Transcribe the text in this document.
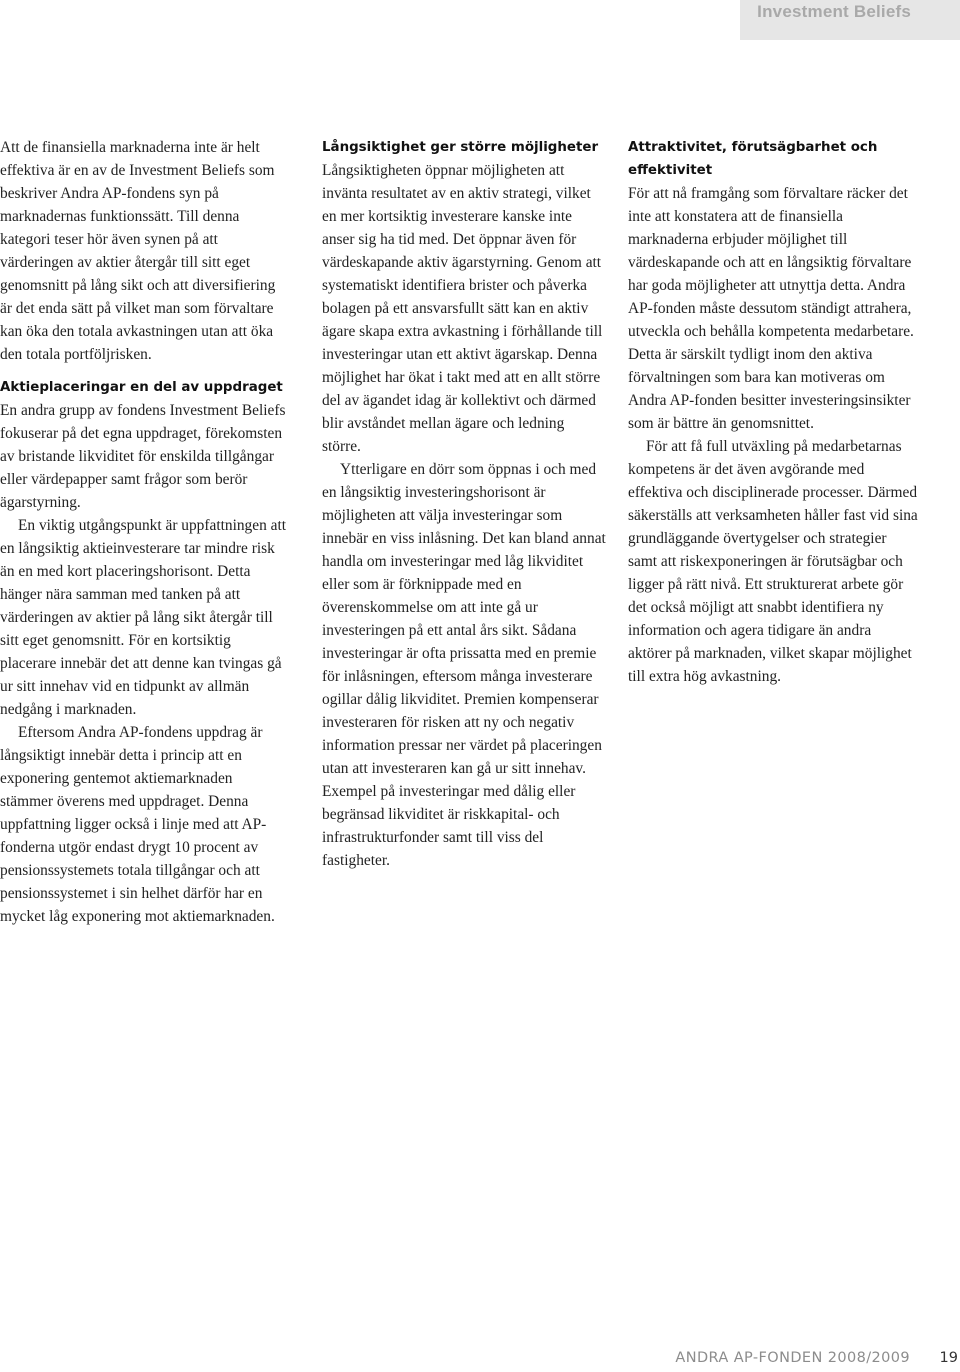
Investment Beliefs

Att de finansiella marknaderna inte är helt effektiva är en av de Investment Beliefs som beskriver Andra AP-fondens syn på marknadernas funktionssätt. Till denna kategori teser hör även synen på att värderingen av aktier återgår till sitt eget genomsnitt på lång sikt och att diversifiering är det enda sätt på vilket man som förvaltare kan öka den totala avkastningen utan att öka den totala portföljrisken.

Aktieplaceringar en del av uppdraget

En andra grupp av fondens Investment Beliefs fokuserar på det egna uppdraget, förekomsten av bristande likviditet för enskilda tillgångar eller värdepapper samt frågor som berör ägarstyrning.

En viktig utgångspunkt är uppfattningen att en långsiktig aktieinvesterare tar mindre risk än en med kort placeringshorisont. Detta hänger nära samman med tanken på att värderingen av aktier på lång sikt återgår till sitt eget genomsnitt. För en kortsiktig placerare innebär det att denne kan tvingas gå ur sitt innehav vid en tidpunkt av allmän nedgång i marknaden.

Eftersom Andra AP-fondens uppdrag är långsiktigt innebär detta i princip att en exponering gentemot aktiemarknaden stämmer överens med uppdraget. Denna uppfattning ligger också i linje med att AP-fonderna utgör endast drygt 10 procent av pensionssystemets totala tillgångar och att pensionssystemet i sin helhet därför har en mycket låg exponering mot aktiemarknaden.

Långsiktighet ger större möjligheter

Långsiktigheten öppnar möjligheten att invänta resultatet av en aktiv strategi, vilket en mer kortsiktig investerare kanske inte anser sig ha tid med. Det öppnar även för värdeskapande aktiv ägarstyrning. Genom att systematiskt identifiera brister och påverka bolagen på ett ansvarsfullt sätt kan en aktiv ägare skapa extra avkastning i förhållande till investeringar utan ett aktivt ägarskap. Denna möjlighet har ökat i takt med att en allt större del av ägandet idag är kollektivt och därmed blir avståndet mellan ägare och ledning större.

Ytterligare en dörr som öppnas i och med en långsiktig investeringshorisont är möjligheten att välja investeringar som innebär en viss inlåsning. Det kan bland annat handla om investeringar med låg likviditet eller som är förknippade med en överenskommelse om att inte gå ur investeringen på ett antal års sikt. Sådana investeringar är ofta prissatta med en premie för inlåsningen, eftersom många investerare ogillar dålig likviditet. Premien kompenserar investeraren för risken att ny och negativ information pressar ner värdet på placeringen utan att investeraren kan gå ur sitt innehav. Exempel på investeringar med dålig eller begränsad likviditet är riskkapital- och infrastrukturfonder samt till viss del fastigheter.

Attraktivitet, förutsägbarhet och effektivitet

För att nå framgång som förvaltare räcker det inte att konstatera att de finansiella marknaderna erbjuder möjlighet till värdeskapande och att en långsiktig förvaltare har goda möjligheter att utnyttja detta. Andra AP-fonden måste dessutom ständigt attrahera, utveckla och behålla kompetenta medarbetare. Detta är särskilt tydligt inom den aktiva förvaltningen som bara kan motiveras om Andra AP-fonden besitter investeringsinsikter som är bättre än genomsnittet.

För att få full utväxling på medarbetarnas kompetens är det även avgörande med effektiva och disciplinerade processer. Därmed säkerställs att verksamheten håller fast vid sina grundläggande övertygelser och strategier samt att riskexponeringen är förutsägbar och ligger på rätt nivå. Ett strukturerat arbete gör det också möjligt att snabbt identifiera ny information och agera tidigare än andra aktörer på marknaden, vilket skapar möjlighet till extra hög avkastning.

ANDRA AP-FONDEN 2008/2009 19
